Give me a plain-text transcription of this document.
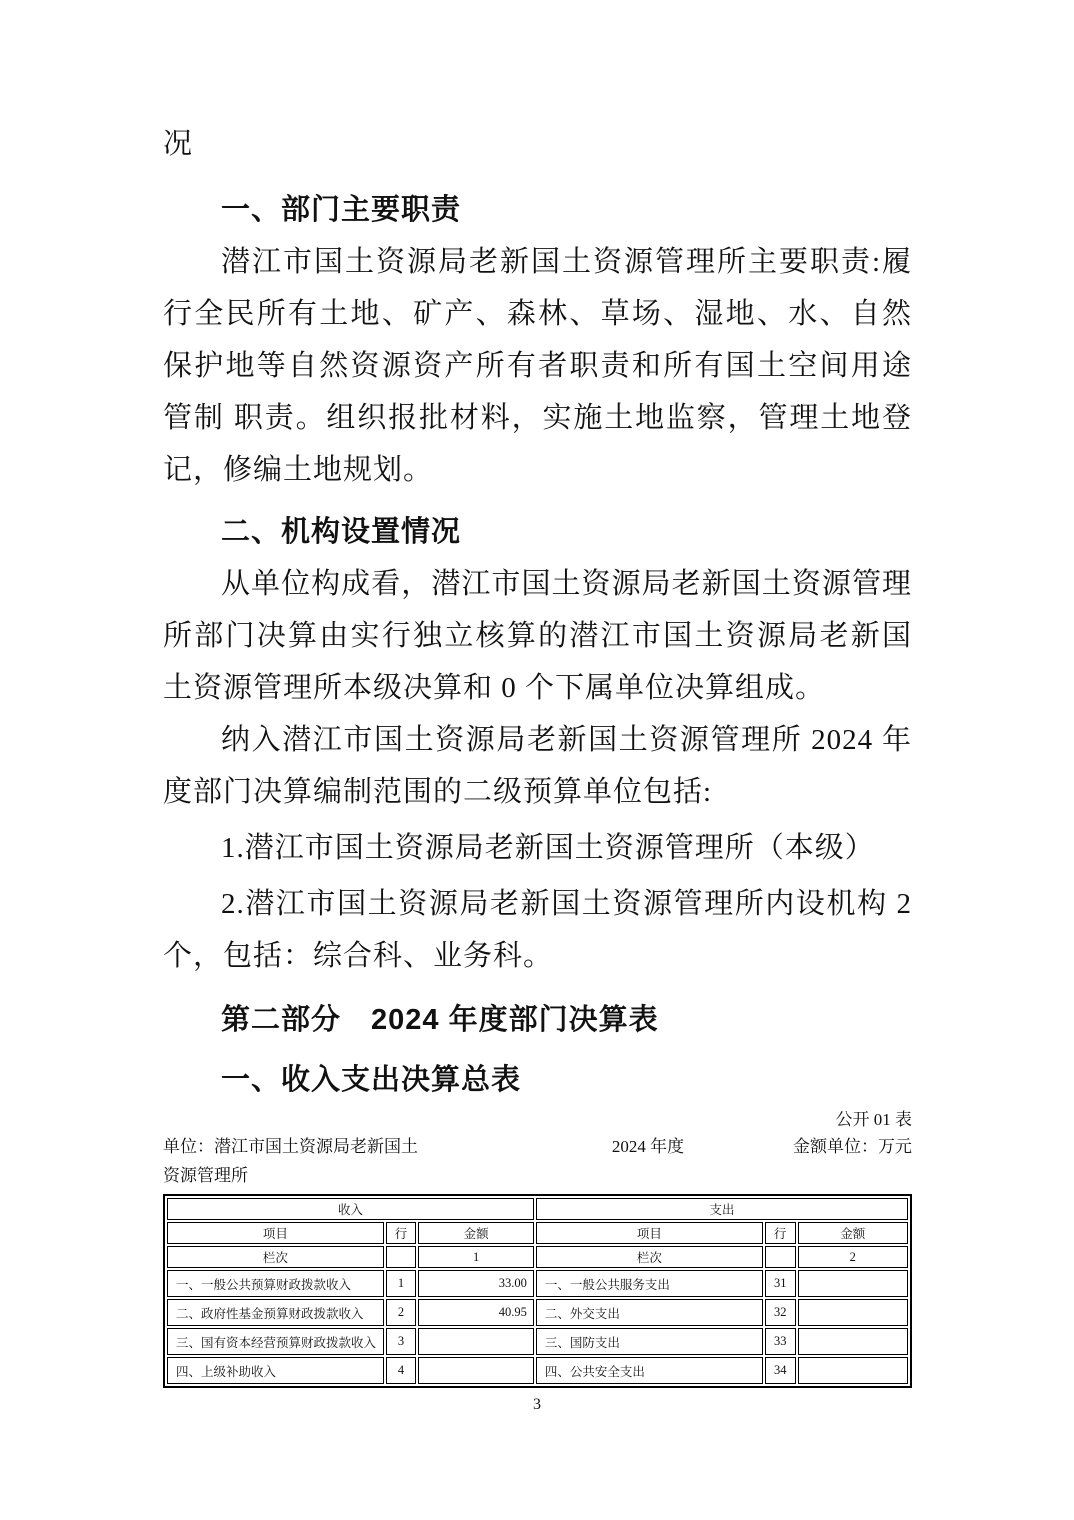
况
一、部门主要职责

潜江市国土资源局老新国土资源管理所主要职责:履行全民所有土地、矿产、森林、草场、湿地、水、自然保护地等自然资源资产所有者职责和所有国土空间用途管制 职责。组织报批材料，实施土地监察，管理土地登记，修编土地规划。

二、机构设置情况

从单位构成看，潜江市国土资源局老新国土资源管理所部门决算由实行独立核算的潜江市国土资源局老新国土资源管理所本级决算和 0 个下属单位决算组成。

纳入潜江市国土资源局老新国土资源管理所 2024 年度部门决算编制范围的二级预算单位包括:

1.潜江市国土资源局老新国土资源管理所（本级）

2.潜江市国土资源局老新国土资源管理所内设机构 2 个，包括：综合科、业务科。

第二部分　2024 年度部门决算表
一、收入支出决算总表
公开 01 表
单位：潜江市国土资源局老新国土
资源管理所
2024 年度	金额单位：万元
收入			支出		
项目	行	金额	项目	行	金额
栏次		1	栏次		2
一、一般公共预算财政拨款收入	1	33.00	一、一般公共服务支出	31	
二、政府性基金预算财政拨款收入	2	40.95	二、外交支出	32	
三、国有资本经营预算财政拨款收入	3		三、国防支出	33	
四、上级补助收入	4		四、公共安全支出	34	
3
